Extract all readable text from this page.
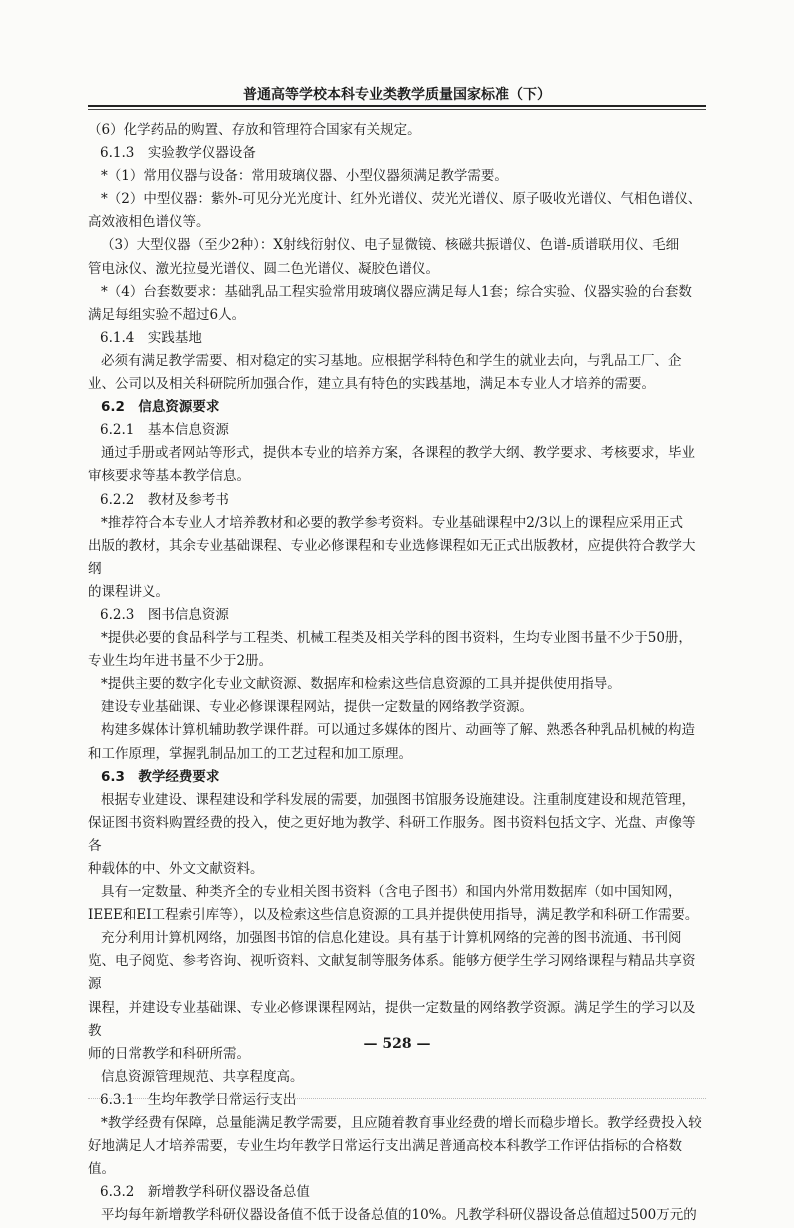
普通高等学校本科专业类教学质量国家标准（下）

（6）化学药品的购置、存放和管理符合国家有关规定。

6.1.3　实验教学仪器设备

*（1）常用仪器与设备：常用玻璃仪器、小型仪器须满足教学需要。

*（2）中型仪器：紫外-可见分光光度计、红外光谱仪、荧光光谱仪、原子吸收光谱仪、气相色谱仪、

高效液相色谱仪等。

（3）大型仪器（至少2种）：X射线衍射仪、电子显微镜、核磁共振谱仪、色谱-质谱联用仪、毛细

管电泳仪、激光拉曼光谱仪、圆二色光谱仪、凝胶色谱仪。

*（4）台套数要求：基础乳品工程实验常用玻璃仪器应满足每人1套；综合实验、仪器实验的台套数

满足每组实验不超过6人。

6.1.4　实践基地

必须有满足教学需要、相对稳定的实习基地。应根据学科特色和学生的就业去向，与乳品工厂、企

业、公司以及相关科研院所加强合作，建立具有特色的实践基地，满足本专业人才培养的需要。

6.2　信息资源要求

6.2.1　基本信息资源

通过手册或者网站等形式，提供本专业的培养方案，各课程的教学大纲、教学要求、考核要求，毕业

审核要求等基本教学信息。

6.2.2　教材及参考书

*推荐符合本专业人才培养教材和必要的教学参考资料。专业基础课程中2/3以上的课程应采用正式

出版的教材，其余专业基础课程、专业必修课程和专业选修课程如无正式出版教材，应提供符合教学大纲

的课程讲义。

6.2.3　图书信息资源

*提供必要的食品科学与工程类、机械工程类及相关学科的图书资料，生均专业图书量不少于50册，

专业生均年进书量不少于2册。

*提供主要的数字化专业文献资源、数据库和检索这些信息资源的工具并提供使用指导。

建设专业基础课、专业必修课课程网站，提供一定数量的网络教学资源。

构建多媒体计算机辅助教学课件群。可以通过多媒体的图片、动画等了解、熟悉各种乳品机械的构造

和工作原理，掌握乳制品加工的工艺过程和加工原理。

6.3　教学经费要求

根据专业建设、课程建设和学科发展的需要，加强图书馆服务设施建设。注重制度建设和规范管理，

保证图书资料购置经费的投入，使之更好地为教学、科研工作服务。图书资料包括文字、光盘、声像等各

种载体的中、外文文献资料。

具有一定数量、种类齐全的专业相关图书资料（含电子图书）和国内外常用数据库（如中国知网，

IEEE和EI工程索引库等），以及检索这些信息资源的工具并提供使用指导，满足教学和科研工作需要。

充分利用计算机网络，加强图书馆的信息化建设。具有基于计算机网络的完善的图书流通、书刊阅

览、电子阅览、参考咨询、视听资料、文献复制等服务体系。能够方便学生学习网络课程与精品共享资源

课程，并建设专业基础课、专业必修课课程网站，提供一定数量的网络教学资源。满足学生的学习以及教

师的日常教学和科研所需。

信息资源管理规范、共享程度高。

6.3.1　生均年教学日常运行支出

*教学经费有保障，总量能满足教学需要，且应随着教育事业经费的增长而稳步增长。教学经费投入较

好地满足人才培养需要，专业生均年教学日常运行支出满足普通高校本科教学工作评估指标的合格数值。

6.3.2　新增教学科研仪器设备总值

平均每年新增教学科研仪器设备值不低于设备总值的10%。凡教学科研仪器设备总值超过500万元的

— 528 —
